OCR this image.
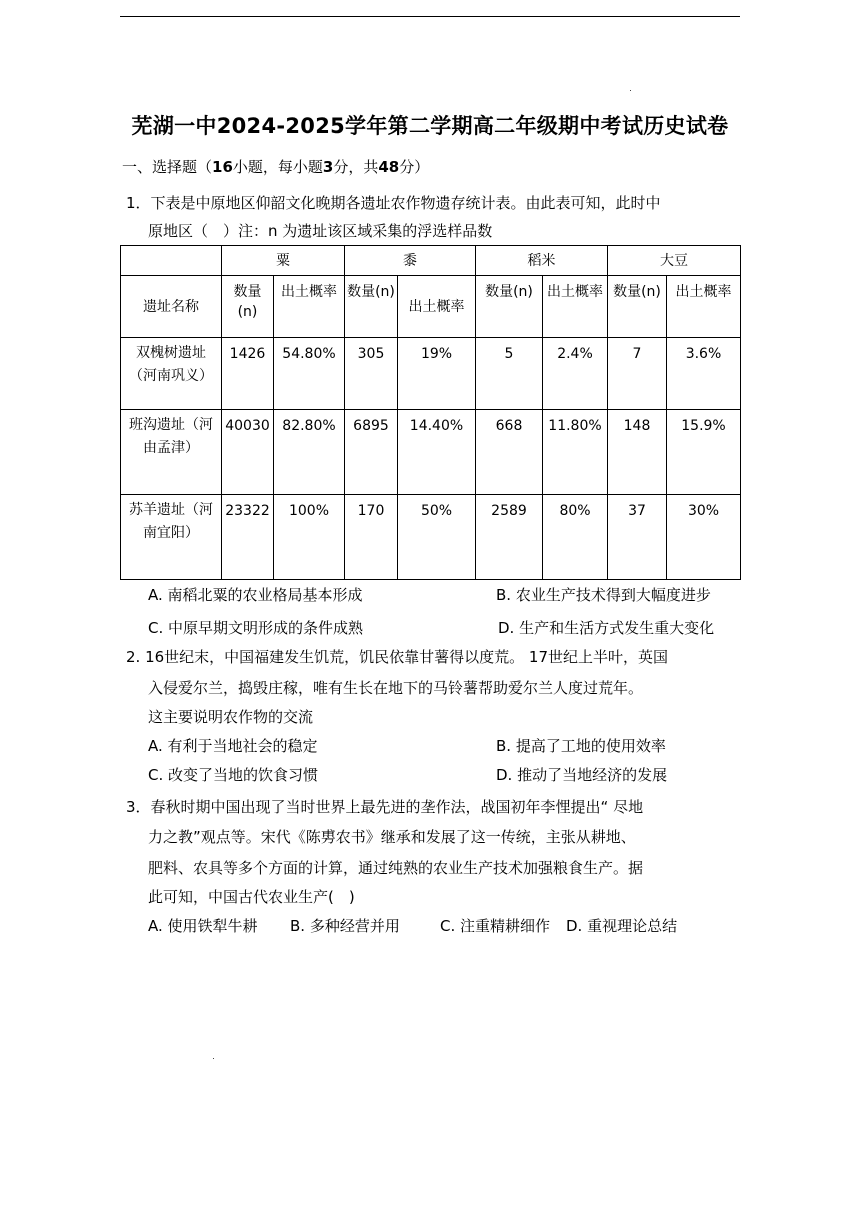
芜湖一中2024-2025学年第二学期高二年级期中考试历史试卷
一、选择题（16小题，每小题3分，共48分）
1．下表是中原地区仰韶文化晚期各遗址农作物遗存统计表。由此表可知，此时中
原地区（　）注：n 为遗址该区域采集的浮选样品数
	粟		黍		稻米		大豆	
遗址名称	数量(n)	出土概率	数量(n)	出土概率	数量(n)	出土概率	数量(n)	出土概率
双槐树遗址（河南巩义）	1426	54.80%	305	19%	5	2.4%	7	3.6%
班沟遗址（河由孟津）	40030	82.80%	6895	14.40%	668	11.80%	148	15.9%
苏羊遗址（河南宜阳）	23322	100%	170	50%	2589	80%	37	30%
A. 南稻北粟的农业格局基本形成	B. 农业生产技术得到大幅度进步
C. 中原早期文明形成的条件成熟	D. 生产和生活方式发生重大变化
2. 16世纪末，中国福建发生饥荒，饥民依靠甘薯得以度荒。 17世纪上半叶，英国
入侵爱尔兰，捣毁庄稼，唯有生长在地下的马铃薯帮助爱尔兰人度过荒年。
这主要说明农作物的交流
A. 有利于当地社会的稳定	B. 提高了工地的使用效率
C. 改变了当地的饮食习惯	D. 推动了当地经济的发展
3．春秋时期中国出现了当时世界上最先进的垄作法，战国初年李悝提出“ 尽地
力之教”观点等。宋代《陈旉农书》继承和发展了这一传统，主张从耕地、
肥料、农具等多个方面的计算，通过纯熟的农业生产技术加强粮食生产。据
此可知，中国古代农业生产(　)
A. 使用铁犁牛耕 B. 多种经营并用	C. 注重精耕细作 D. 重视理论总结
